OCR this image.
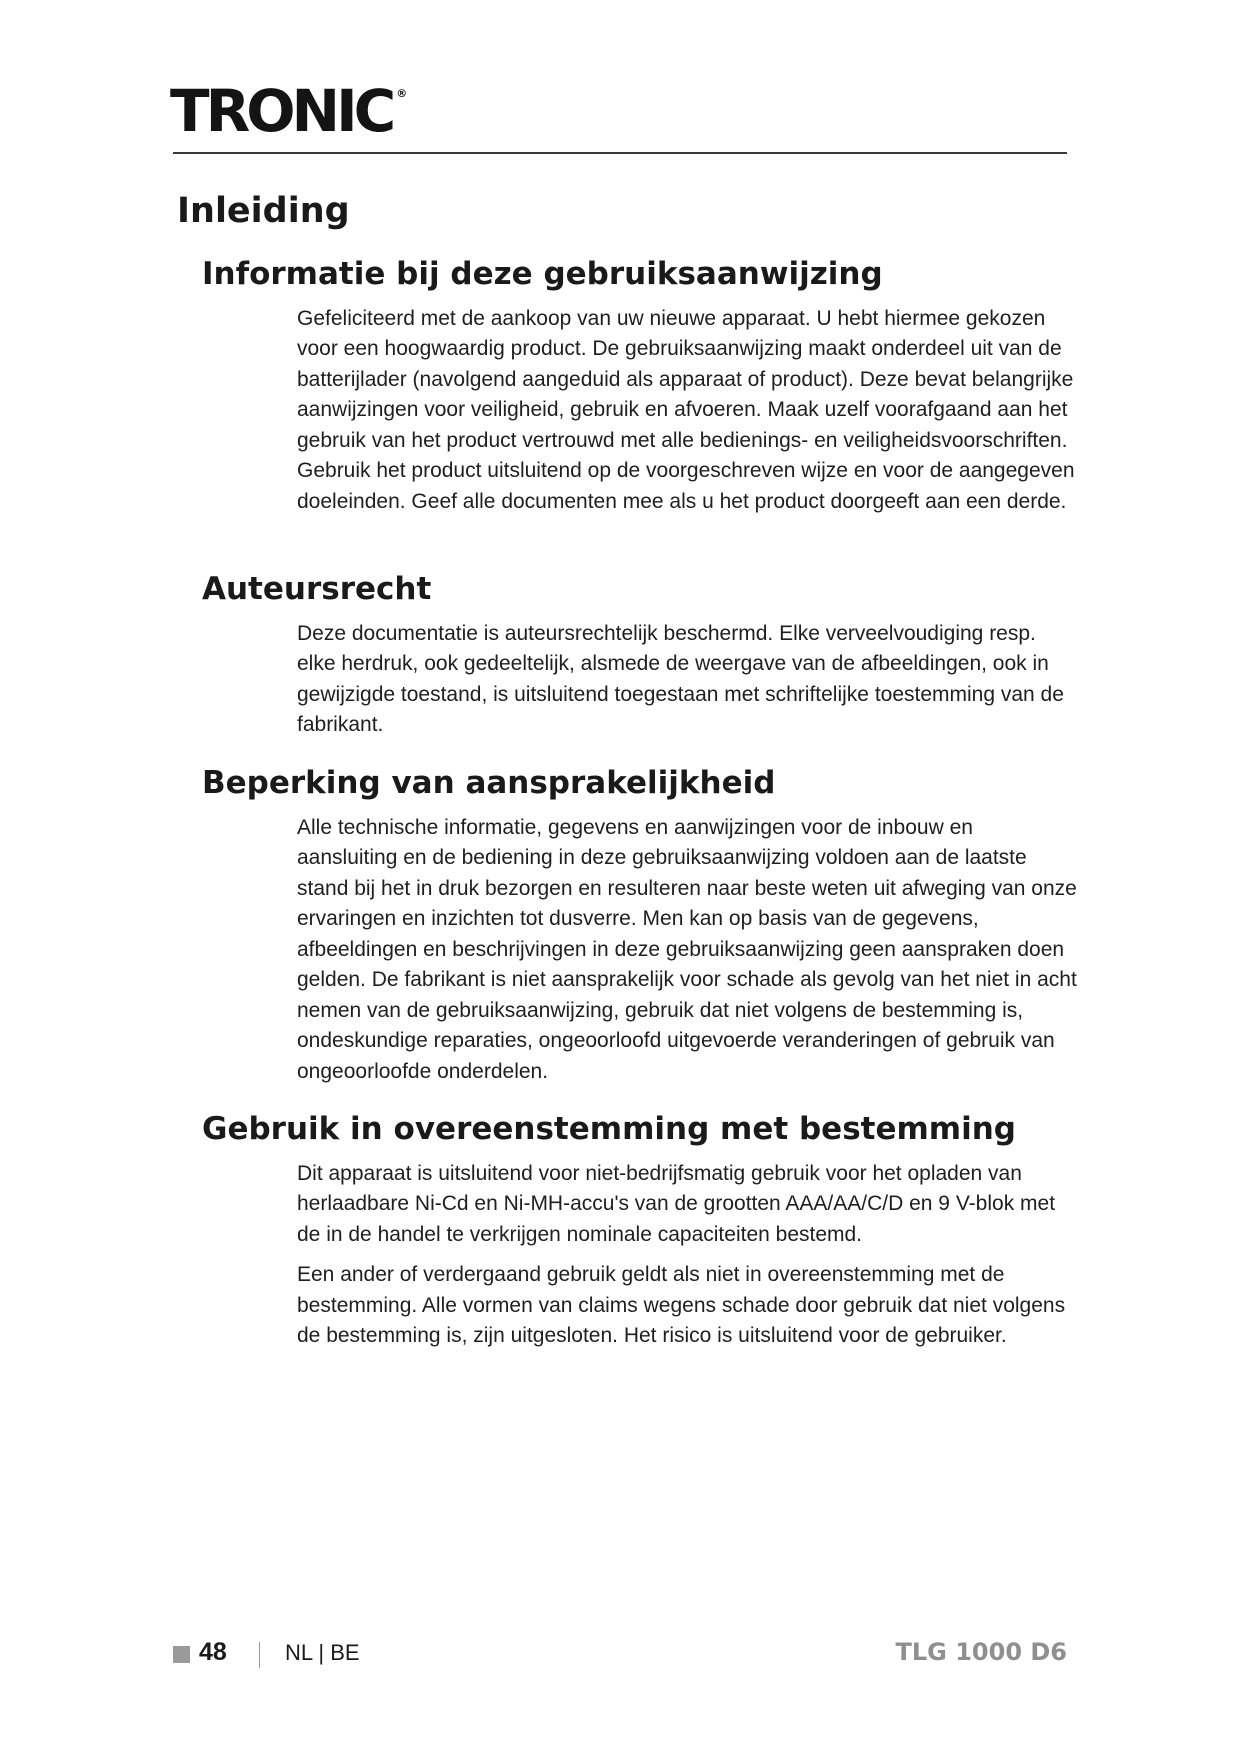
TRONIC ®
Inleiding
Informatie bij deze gebruiksaanwijzing

Gefeliciteerd met de aankoop van uw nieuwe apparaat. U hebt hiermee gekozen voor een hoogwaardig product. De gebruiksaanwijzing maakt onderdeel uit van de batterijlader (navolgend aangeduid als apparaat of product). Deze bevat belangrijke aanwijzingen voor veiligheid, gebruik en afvoeren. Maak uzelf voorafgaand aan het gebruik van het product vertrouwd met alle bedienings- en veiligheidsvoorschriften. Gebruik het product uitsluitend op de voorgeschreven wijze en voor de aangegeven doeleinden. Geef alle documenten mee als u het product doorgeeft aan een derde.

Auteursrecht

Deze documentatie is auteursrechtelijk beschermd. Elke verveelvoudiging resp. elke herdruk, ook gedeeltelijk, alsmede de weergave van de afbeeldingen, ook in gewijzigde toestand, is uitsluitend toegestaan met schriftelijke toestemming van de fabrikant.

Beperking van aansprakelijkheid

Alle technische informatie, gegevens en aanwijzingen voor de inbouw en aansluiting en de bediening in deze gebruiksaanwijzing voldoen aan de laatste stand bij het in druk bezorgen en resulteren naar beste weten uit afweging van onze ervaringen en inzichten tot dusverre. Men kan op basis van de gegevens, afbeeldingen en beschrijvingen in deze gebruiksaanwijzing geen aanspraken doen gelden. De fabrikant is niet aansprakelijk voor schade als gevolg van het niet in acht nemen van de gebruiksaanwijzing, gebruik dat niet volgens de bestemming is, ondeskundige reparaties, ongeoorloofd uitgevoerde veranderingen of gebruik van ongeoorloofde onderdelen.

Gebruik in overeenstemming met bestemming

Dit apparaat is uitsluitend voor niet-bedrijfsmatig gebruik voor het opladen van herlaadbare Ni-Cd en Ni-MH-accu's van de grootten AAA/AA/C/D en 9 V-blok met de in de handel te verkrijgen nominale capaciteiten bestemd.

Een ander of verdergaand gebruik geldt als niet in overeenstemming met de bestemming. Alle vormen van claims wegens schade door gebruik dat niet volgens de bestemming is, zijn uitgesloten. Het risico is uitsluitend voor de gebruiker.

48	NL | BE	TLG 1000 D6
